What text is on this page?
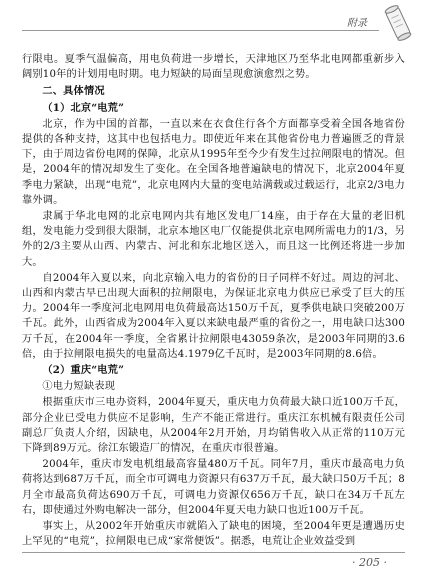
附录

行限电。夏季气温偏高，用电负荷进一步增长，天津地区乃至华北电网都重新步入阔别10年的计划用电时期。电力短缺的局面呈现愈演愈烈之势。

二、具体情况

（1）北京“电荒”

北京，作为中国的首都，一直以来在衣食住行各个方面都享受着全国各地省份提供的各种支持，这其中也包括电力。即使近年来在其他省份电力普遍匮乏的背景下，由于周边省份电网的保障，北京从1995年至今少有发生过拉闸限电的情况。但是，2004年的情况却发生了变化。在全国各地普遍缺电的情况下，北京2004年夏季电力紧缺，出现“电荒”，北京电网内大量的变电站满载或过载运行，北京2/3电力靠外调。

隶属于华北电网的北京电网内共有地区发电厂14座，由于存在大量的老旧机组，发电能力受到很大限制，北京本地区电厂仅能提供北京电网所需电力的1/3，另外的2/3主要从山西、内蒙古、河北和东北地区送入，而且这一比例还将进一步加大。

自2004年入夏以来，向北京输入电力的省份的日子同样不好过。周边的河北、山西和内蒙古早已出现大面积的拉闸限电，为保证北京电力供应已承受了巨大的压力。2004年一季度河北电网用电负荷最高达150万千瓦，夏季供电缺口突破200万千瓦。此外，山西省成为2004年入夏以来缺电最严重的省份之一，用电缺口达300万千瓦，在2004年一季度，全省累计拉闸限电43059条次，是2003年同期的3.6倍，由于拉闸限电损失的电量高达4.1979亿千瓦时，是2003年同期的8.6倍。

（2）重庆“电荒”

①电力短缺表现

根据重庆市三电办资料，2004年夏天，重庆电力负荷最大缺口近100万千瓦，部分企业已受电力供应不足影响，生产不能正常进行。重庆江东机械有限责任公司副总厂负责人介绍，因缺电，从2004年2月开始，月均销售收入从正常的110万元下降到89万元。徐江东锻造厂的情况，在重庆市很普遍。

2004年，重庆市发电机组最高容量480万千瓦。同年7月，重庆市最高电力负荷将达到687万千瓦，而全市可调电力资源只有637万千瓦，最大缺口50万千瓦；8月全市最高负荷达690万千瓦，可调电力资源仅656万千瓦，缺口在34万千瓦左右，即使通过外购电解决一部分，但2004年夏天电力缺口也近100万千瓦。

事实上，从2002年开始重庆市就陷入了缺电的困境，至2004年更是遭遇历史上罕见的“电荒”，拉闸限电已成“家常便饭”。据悉，电荒让企业效益受到

· 205 ·
